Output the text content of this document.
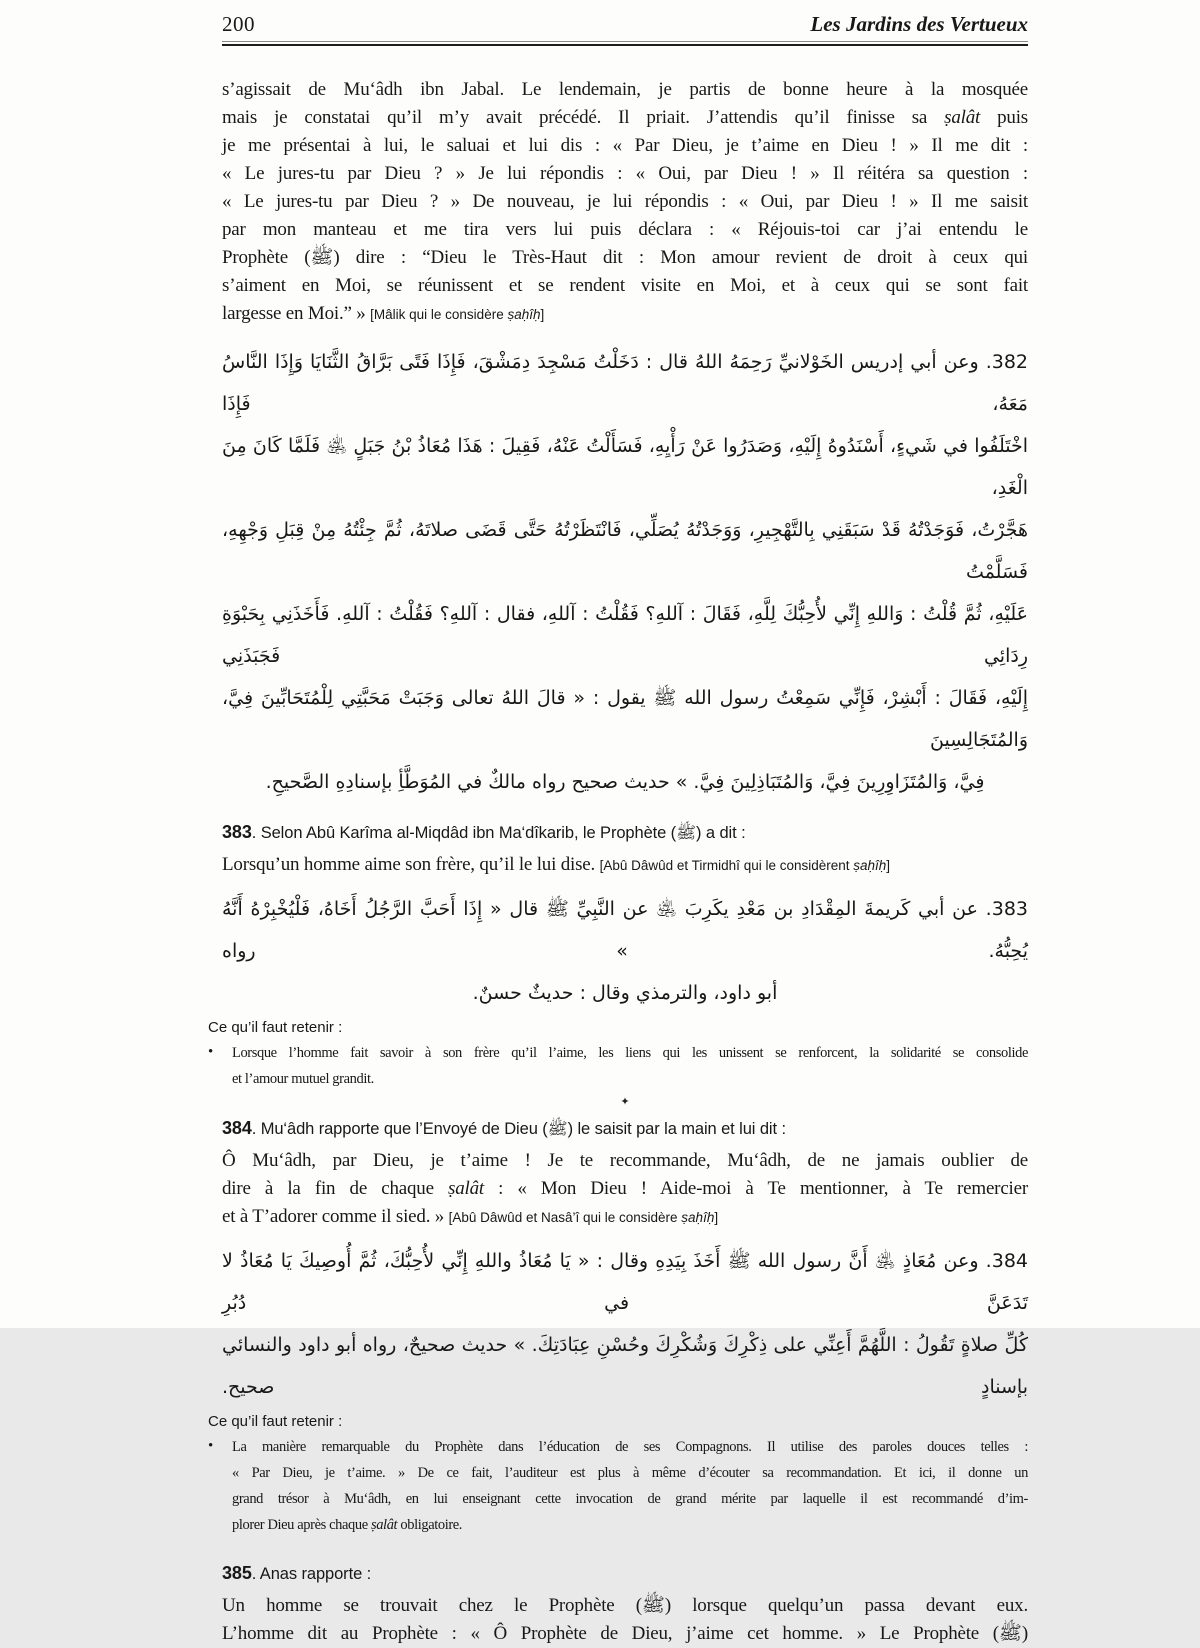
200	Les Jardins des Vertueux
s’agissait de Mu‘âdh ibn Jabal. Le lendemain, je partis de bonne heure à la mosquée
mais je constatai qu’il m’y avait précédé. Il priait. J’attendis qu’il finisse sa ṣalât puis
je me présentai à lui, le saluai et lui dis : « Par Dieu, je t’aime en Dieu ! » Il me dit :
« Le jures-tu par Dieu ? » Je lui répondis : « Oui, par Dieu ! » Il réitéra sa question :
« Le jures-tu par Dieu ? » De nouveau, je lui répondis : « Oui, par Dieu ! » Il me saisit
par mon manteau et me tira vers lui puis déclara : « Réjouis-toi car j’ai entendu le
Prophète (ﷺ) dire : “Dieu le Très-Haut dit : Mon amour revient de droit à ceux qui
s’aiment en Moi, se réunissent et se rendent visite en Moi, et à ceux qui se sont fait
largesse en Moi.” » [Mâlik qui le considère ṣaḥîḥ]
382. وعن أبي إدريس الخَوْلانيِّ رَحِمَهُ اللهُ قال : دَخَلْتُ مَسْجِدَ دِمَشْقَ، فَإِذَا فَتًى بَرَّاقُ الثَّنَايَا وَإِذَا النَّاسُ مَعَهُ، فَإِذَا
اخْتَلَفُوا في شَيءٍ، أَسْنَدُوهُ إِلَيْهِ، وَصَدَرُوا عَنْ رَأْيِهِ، فَسَأَلْتُ عَنْهُ، فَقِيلَ : هَذَا مُعَاذُ بْنُ جَبَلٍ ﵁ فَلَمَّا كَانَ مِنَ الْغَدِ،
هَجَّرْتُ، فَوَجَدْتُهُ قَدْ سَبَقَنِي بِالتَّهْجِيرِ، وَوَجَدْتُهُ يُصَلِّي، فَانْتَظَرْتُهُ حَتَّى قَضَى صلاتَهُ، ثُمَّ جِئْتُهُ مِنْ قِبَلِ وَجْهِهِ، فَسَلَّمْتُ
عَلَيْهِ، ثُمَّ قُلْتُ : وَاللهِ إِنِّي لأُحِبُّكَ لِلَّهِ، فَقَالَ : آللهِ؟ فَقُلْتُ : آللهِ، فقال : آللهِ؟ فَقُلْتُ : آللهِ. فَأَخَذَنِي بِحَبْوَةِ رِدَائِي فَجَبَذَنِي
إِلَيْهِ، فَقَالَ : أَبْشِرْ، فَإِنِّي سَمِعْتُ رسول الله ﷺ يقول : « قالَ اللهُ تعالى وَجَبَتْ مَحَبَّتِي لِلْمُتَحَابِّينَ فِيَّ، وَالمُتَجَالِسِينَ
فِيَّ، وَالمُتَزَاوِرِينَ فِيَّ، وَالمُتَبَاذِلِينَ فِيَّ. » حديث صحيح رواه مالكٌ في المُوَطَّأِ بإسنادِهِ الصَّحيحِ.
383. Selon Abû Karîma al-Miqdâd ibn Ma‘dîkarib, le Prophète (ﷺ) a dit :
Lorsqu’un homme aime son frère, qu’il le lui dise. [Abû Dâwûd et Tirmidhî qui le considèrent ṣaḥîḥ]
383. عن أبي كَريمةَ المِقْدَادِ بن مَعْدِ يكَرِبَ ﵁ عن النَّبِيِّ ﷺ قال « إِذَا أَحَبَّ الرَّجُلُ أَخَاهُ، فَلْيُخْبِرْهُ أَنَّهُ يُحِبُّهُ. » رواه
أبو داود، والترمذي وقال : حديثٌ حسنٌ.
Ce qu’il faut retenir :
• Lorsque l’homme fait savoir à son frère qu’il l’aime, les liens qui les unissent se renforcent, la solidarité se consolide
et l’amour mutuel grandit.
✦
384. Mu‘âdh rapporte que l’Envoyé de Dieu (ﷺ) le saisit par la main et lui dit :
Ô Mu‘âdh, par Dieu, je t’aime ! Je te recommande, Mu‘âdh, de ne jamais oublier de
dire à la fin de chaque ṣalât : « Mon Dieu ! Aide-moi à Te mentionner, à Te remercier
et à T’adorer comme il sied. » [Abû Dâwûd et Nasâ’î qui le considère ṣaḥîḥ]
384. وعن مُعَاذٍ ﵁ أَنَّ رسول الله ﷺ أَخَذَ بِيَدِهِ وقال : « يَا مُعَاذُ واللهِ إِنِّي لأُحِبُّكَ، ثُمَّ أُوصِيكَ يَا مُعَاذُ لا تَدَعَنَّ في دُبُرِ
كُلِّ صلاةٍ تَقُولُ : اللَّهُمَّ أَعِنِّي على ذِكْرِكَ وَشُكْرِكَ وحُسْنِ عِبَادَتِكَ. » حديث صحيحٌ، رواه أبو داود والنسائي بإسنادٍ صحيح.
Ce qu’il faut retenir :
• La manière remarquable du Prophète dans l’éducation de ses Compagnons. Il utilise des paroles douces telles :
« Par Dieu, je t’aime. » De ce fait, l’auditeur est plus à même d’écouter sa recommandation. Et ici, il donne un
grand trésor à Mu‘âdh, en lui enseignant cette invocation de grand mérite par laquelle il est recommandé d’im-
plorer Dieu après chaque ṣalât obligatoire.
385. Anas rapporte :
Un homme se trouvait chez le Prophète (ﷺ) lorsque quelqu’un passa devant eux.
L’homme dit au Prophète : « Ô Prophète de Dieu, j’aime cet homme. » Le Prophète (ﷺ)
